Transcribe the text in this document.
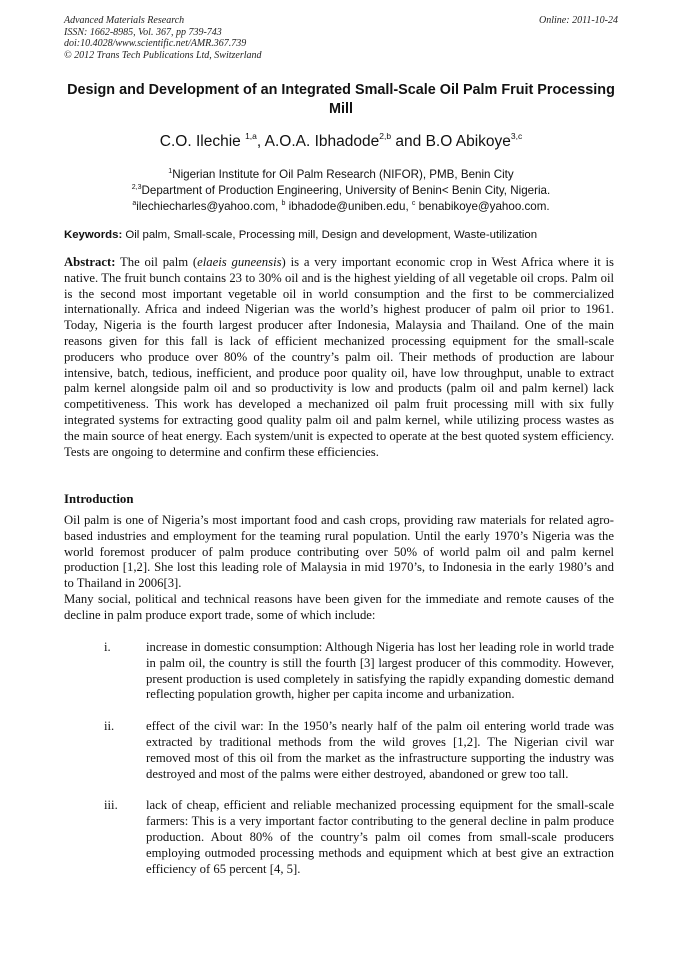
Advanced Materials Research
ISSN: 1662-8985, Vol. 367, pp 739-743
doi:10.4028/www.scientific.net/AMR.367.739
© 2012 Trans Tech Publications Ltd, Switzerland
Online: 2011-10-24
Design and Development of an Integrated Small-Scale Oil Palm Fruit Processing Mill
C.O. Ilechie $^{1,a}$, A.O.A. Ibhadode$^{2,b}$ and B.O Abikoye$^{3,c}$
$^1$Nigerian Institute for Oil Palm Research (NIFOR), PMB, Benin City
$^{2,3}$Department of Production Engineering, University of Benin< Benin City, Nigeria.
$^a$ilechiecharles@yahoo.com, $^b$ ibhadode@uniben.edu, $^c$ benabikoye@yahoo.com.
Keywords: Oil palm, Small-scale, Processing mill, Design and development, Waste-utilization
Abstract: The oil palm (elaeis guneensis) is a very important economic crop in West Africa where it is native. The fruit bunch contains 23 to 30% oil and is the highest yielding of all vegetable oil crops. Palm oil is the second most important vegetable oil in world consumption and the first to be commercialized internationally. Africa and indeed Nigerian was the world’s highest producer of palm oil prior to 1961. Today, Nigeria is the fourth largest producer after Indonesia, Malaysia and Thailand. One of the main reasons given for this fall is lack of efficient mechanized processing equipment for the small-scale producers who produce over 80% of the country’s palm oil. Their methods of production are labour intensive, batch, tedious, inefficient, and produce poor quality oil, have low throughput, unable to extract palm kernel alongside palm oil and so productivity is low and products (palm oil and palm kernel) lack competitiveness. This work has developed a mechanized oil palm fruit processing mill with six fully integrated systems for extracting good quality palm oil and palm kernel, while utilizing process wastes as the main source of heat energy. Each system/unit is expected to operate at the best quoted system efficiency. Tests are ongoing to determine and confirm these efficiencies.
Introduction

Oil palm is one of Nigeria’s most important food and cash crops, providing raw materials for related agro-based industries and employment for the teaming rural population. Until the early 1970’s Nigeria was the world foremost producer of palm produce contributing over 50% of world palm oil and palm kernel production [1,2]. She lost this leading role of Malaysia in mid 1970’s, to Indonesia in the early 1980’s and to Thailand in 2006[3].

Many social, political and technical reasons have been given for the immediate and remote causes of the decline in palm produce export trade, some of which include:

i.	increase in domestic consumption: Although Nigeria has lost her leading role in world trade in palm oil, the country is still the fourth [3] largest producer of this commodity. However, present production is used completely in satisfying the rapidly expanding domestic demand reflecting population growth, higher per capita income and urbanization.
ii.	effect of the civil war: In the 1950’s nearly half of the palm oil entering world trade was extracted by traditional methods from the wild groves [1,2]. The Nigerian civil war removed most of this oil from the market as the infrastructure supporting the industry was destroyed and most of the palms were either destroyed, abandoned or grew too tall.
iii. lack of cheap, efficient and reliable mechanized processing equipment for the small-scale farmers: This is a very important factor contributing to the general decline in palm produce production. About 80% of the country’s palm oil comes from small-scale producers employing outmoded processing methods and equipment which at best give an extraction efficiency of 65 percent [4, 5].
